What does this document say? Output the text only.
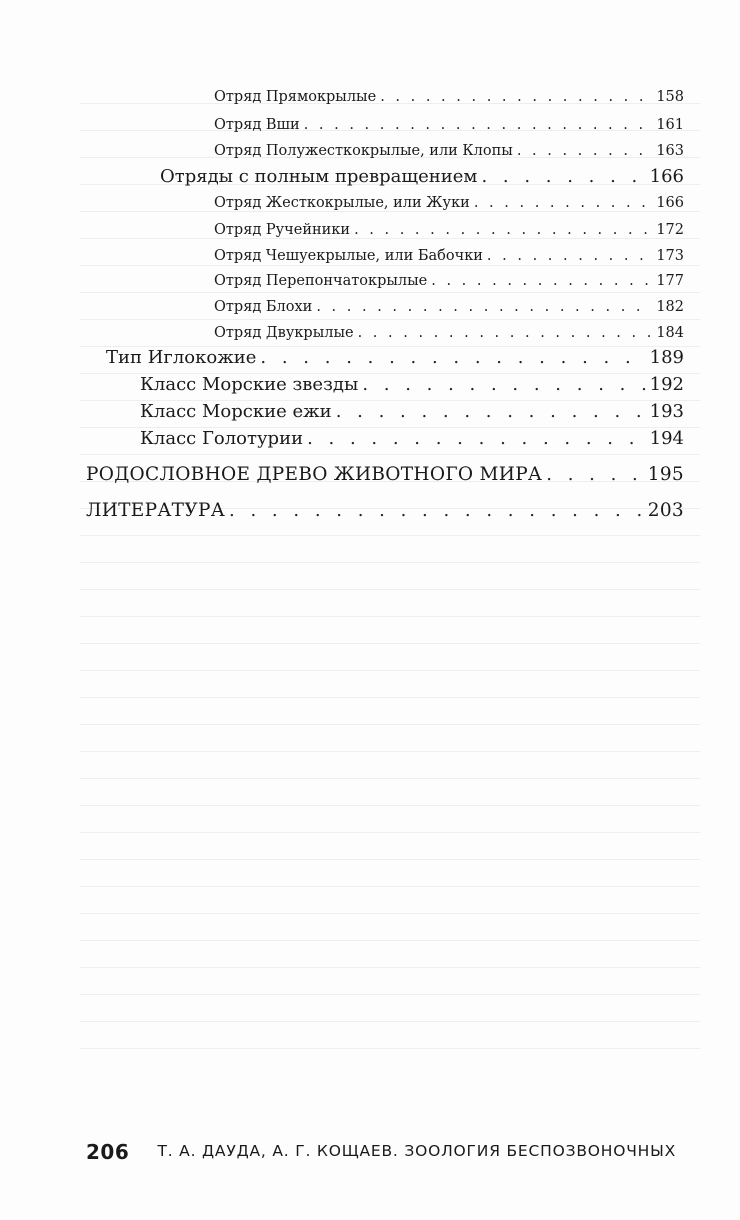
Отряд Прямокрылые . . .	158
Отряд Вши . . .	161
Отряд Полужесткокрылые, или Клопы . . .	163
Отряды с полным превращением . . .	166
Отряд Жесткокрылые, или Жуки . . .	166
Отряд Ручейники . . .	172
Отряд Чешуекрылые, или Бабочки . . .	173
Отряд Перепончатокрылые . . .	177
Отряд Блохи . . .	182
Отряд Двукрылые . . .	184
Тип Иглокожие . . .	189
Класс Морские звезды . . .	192
Класс Морские ежи . . .	193
Класс Голотурии . . .	194
РОДОСЛОВНОЕ ДРЕВО ЖИВОТНОГО МИРА . . .	195
ЛИТЕРАТУРА . . .	203
206 Т. А. ДАУДА, А. Г. КОЩАЕВ. ЗООЛОГИЯ БЕСПОЗВОНОЧНЫХ
